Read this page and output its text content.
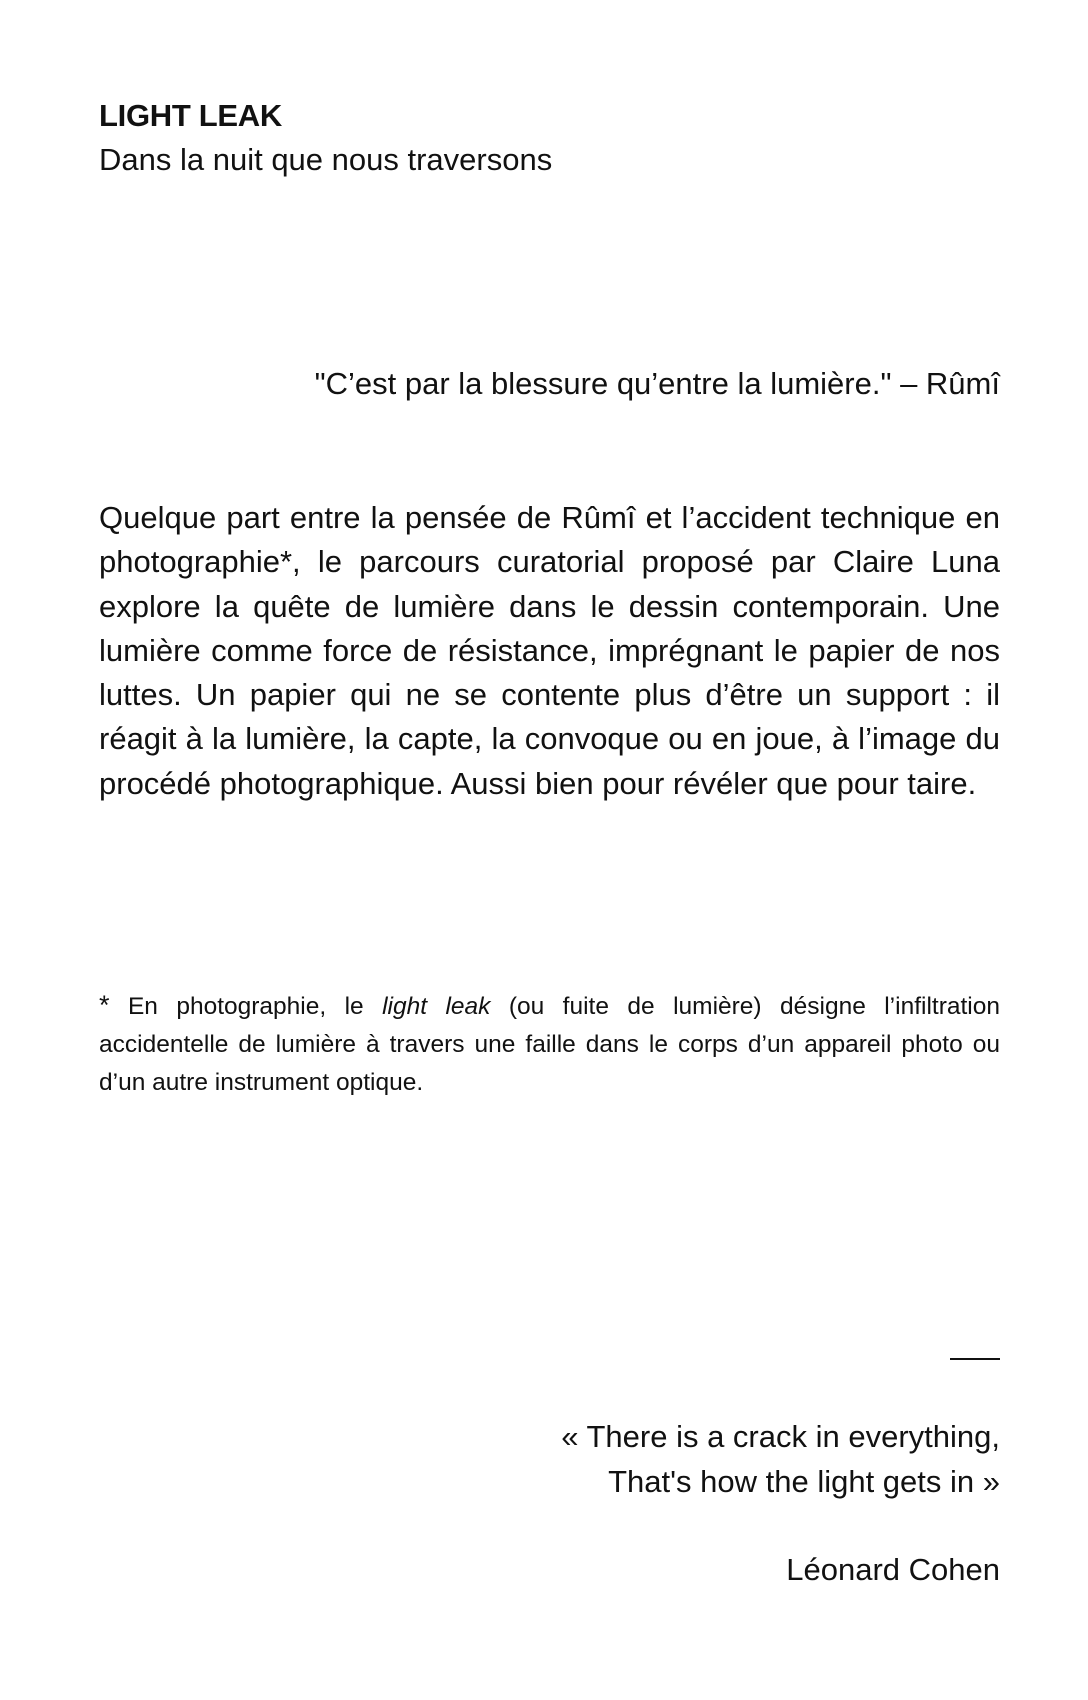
LIGHT LEAK

Dans la nuit que nous traversons

"C’est par la blessure qu’entre la lumière." – Rûmî

Quelque part entre la pensée de Rûmî et l’accident technique en photographie*, le parcours curatorial proposé par Claire Luna explore la quête de lumière dans le dessin contemporain. Une lumière comme force de résistance, imprégnant le papier de nos luttes. Un papier qui ne se contente plus d’être un support : il réagit à la lumière, la capte, la convoque ou en joue, à l’image du procédé photographique. Aussi bien pour révéler que pour taire.

* En photographie, le light leak (ou fuite de lumière) désigne l’infiltration accidentelle de lumière à travers une faille dans le corps d’un appareil photo ou d’un autre instrument optique.

« There is a crack in everything,
That's how the light gets in »

Léonard Cohen
